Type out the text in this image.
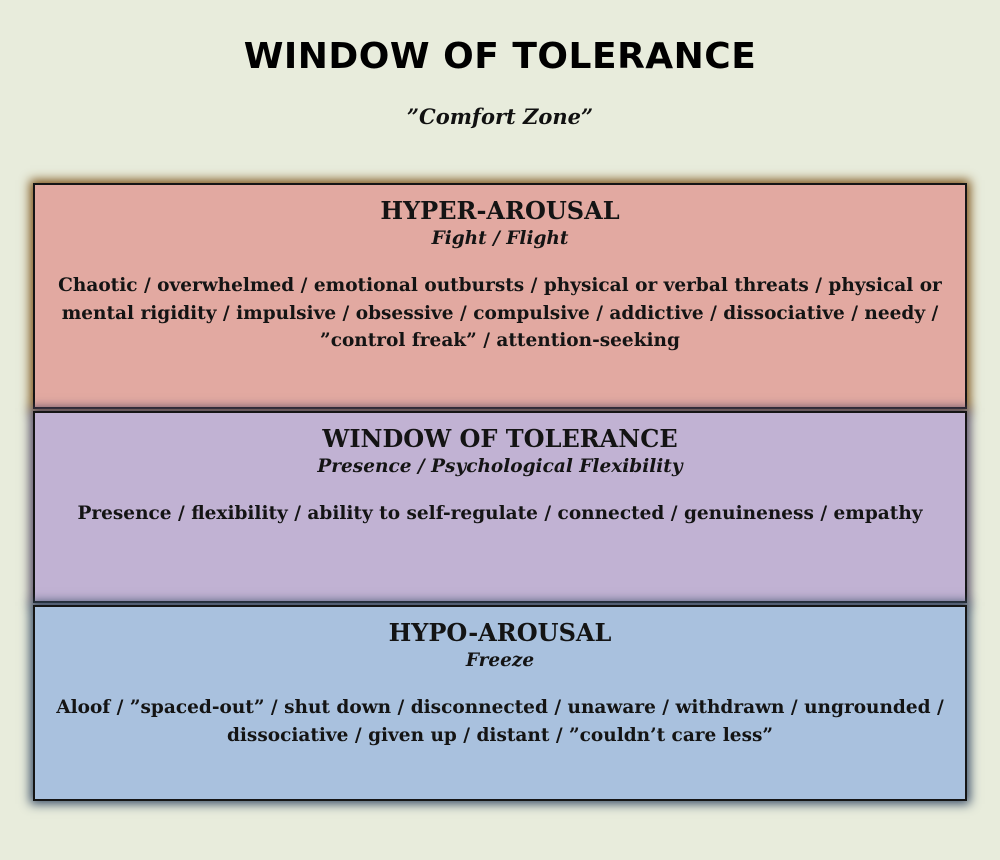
WINDOW OF TOLERANCE
”Comfort Zone”
HYPER-AROUSAL
Fight / Flight
Chaotic / overwhelmed / emotional outbursts / physical or verbal threats / physical or mental rigidity / impulsive / obsessive / compulsive / addictive / dissociative / needy / ”control freak” / attention-seeking
WINDOW OF TOLERANCE
Presence / Psychological Flexibility
Presence / flexibility / ability to self-regulate / connected / genuineness / empathy
HYPO-AROUSAL
Freeze
Aloof / ”spaced-out” / shut down / disconnected / unaware / withdrawn / ungrounded / dissociative / given up / distant / ”couldn’t care less”
